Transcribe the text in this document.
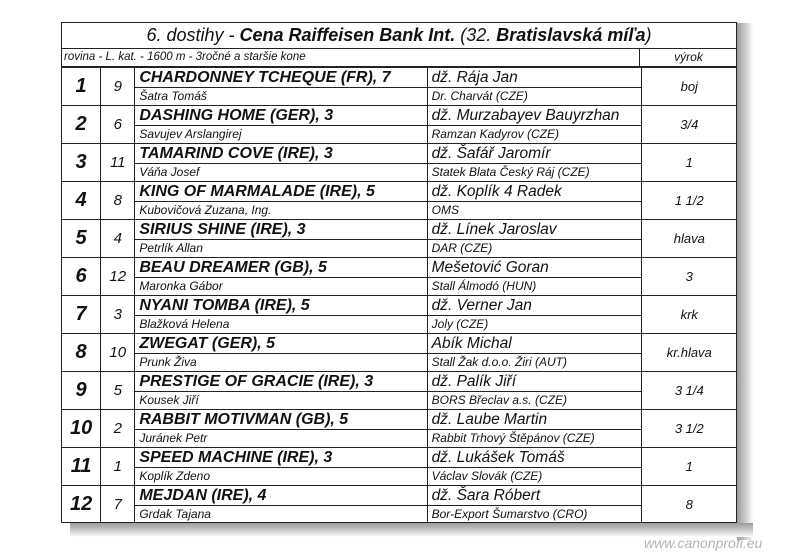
6. dostihy - Cena Raiffeisen Bank Int. (32. Bratislavská míľa)
rovina - L. kat. - 1600 m - 3ročné a staršie kone	výrok
1	9	CHARDONNEY TCHEQUE (FR), 7	dž. Rája Jan	boj
		Šatra Tomáš	Dr. Charvát (CZE)	
2	6	DASHING HOME (GER), 3	dž. Murzabayev Bauyrzhan	3/4
		Savujev Arslangirej	Ramzan Kadyrov (CZE)	
3	11	TAMARIND COVE (IRE), 3	dž. Šafář Jaromír	1
		Váňa Josef	Statek Blata Český Ráj (CZE)	
4	8	KING OF MARMALADE (IRE), 5	dž. Koplík 4 Radek	1 1/2
		Kubovičová Zuzana, Ing.	OMS	
5	4	SIRIUS SHINE (IRE), 3	dž. Línek Jaroslav	hlava
		Petrlík Allan	DAR (CZE)	
6	12	BEAU DREAMER (GB), 5	Mešetović Goran	3
		Maronka Gábor	Stall Álmodó (HUN)	
7	3	NYANI TOMBA (IRE), 5	dž. Verner Jan	krk
		Blažková Helena	Joly (CZE)	
8	10	ZWEGAT (GER), 5	Abík Michal	kr.hlava
		Prunk Živa	Stall Žak d.o.o. Žiri (AUT)	
9	5	PRESTIGE OF GRACIE (IRE), 3	dž. Palík Jiří	3 1/4
		Kousek Jiří	BORS Břeclav a.s. (CZE)	
10	2	RABBIT MOTIVMAN (GB), 5	dž. Laube Martin	3 1/2
		Juránek Petr	Rabbit Trhový Štěpánov (CZE)	
11	1	SPEED MACHINE (IRE), 3	dž. Lukášek Tomáš	1
		Koplík Zdeno	Václav Slovák (CZE)	
12	7	MEJDAN (IRE), 4	dž. Šara Róbert	8
		Grdak Tajana	Bor-Export Šumarstvo (CRO)	
www.canonprofi.eu
